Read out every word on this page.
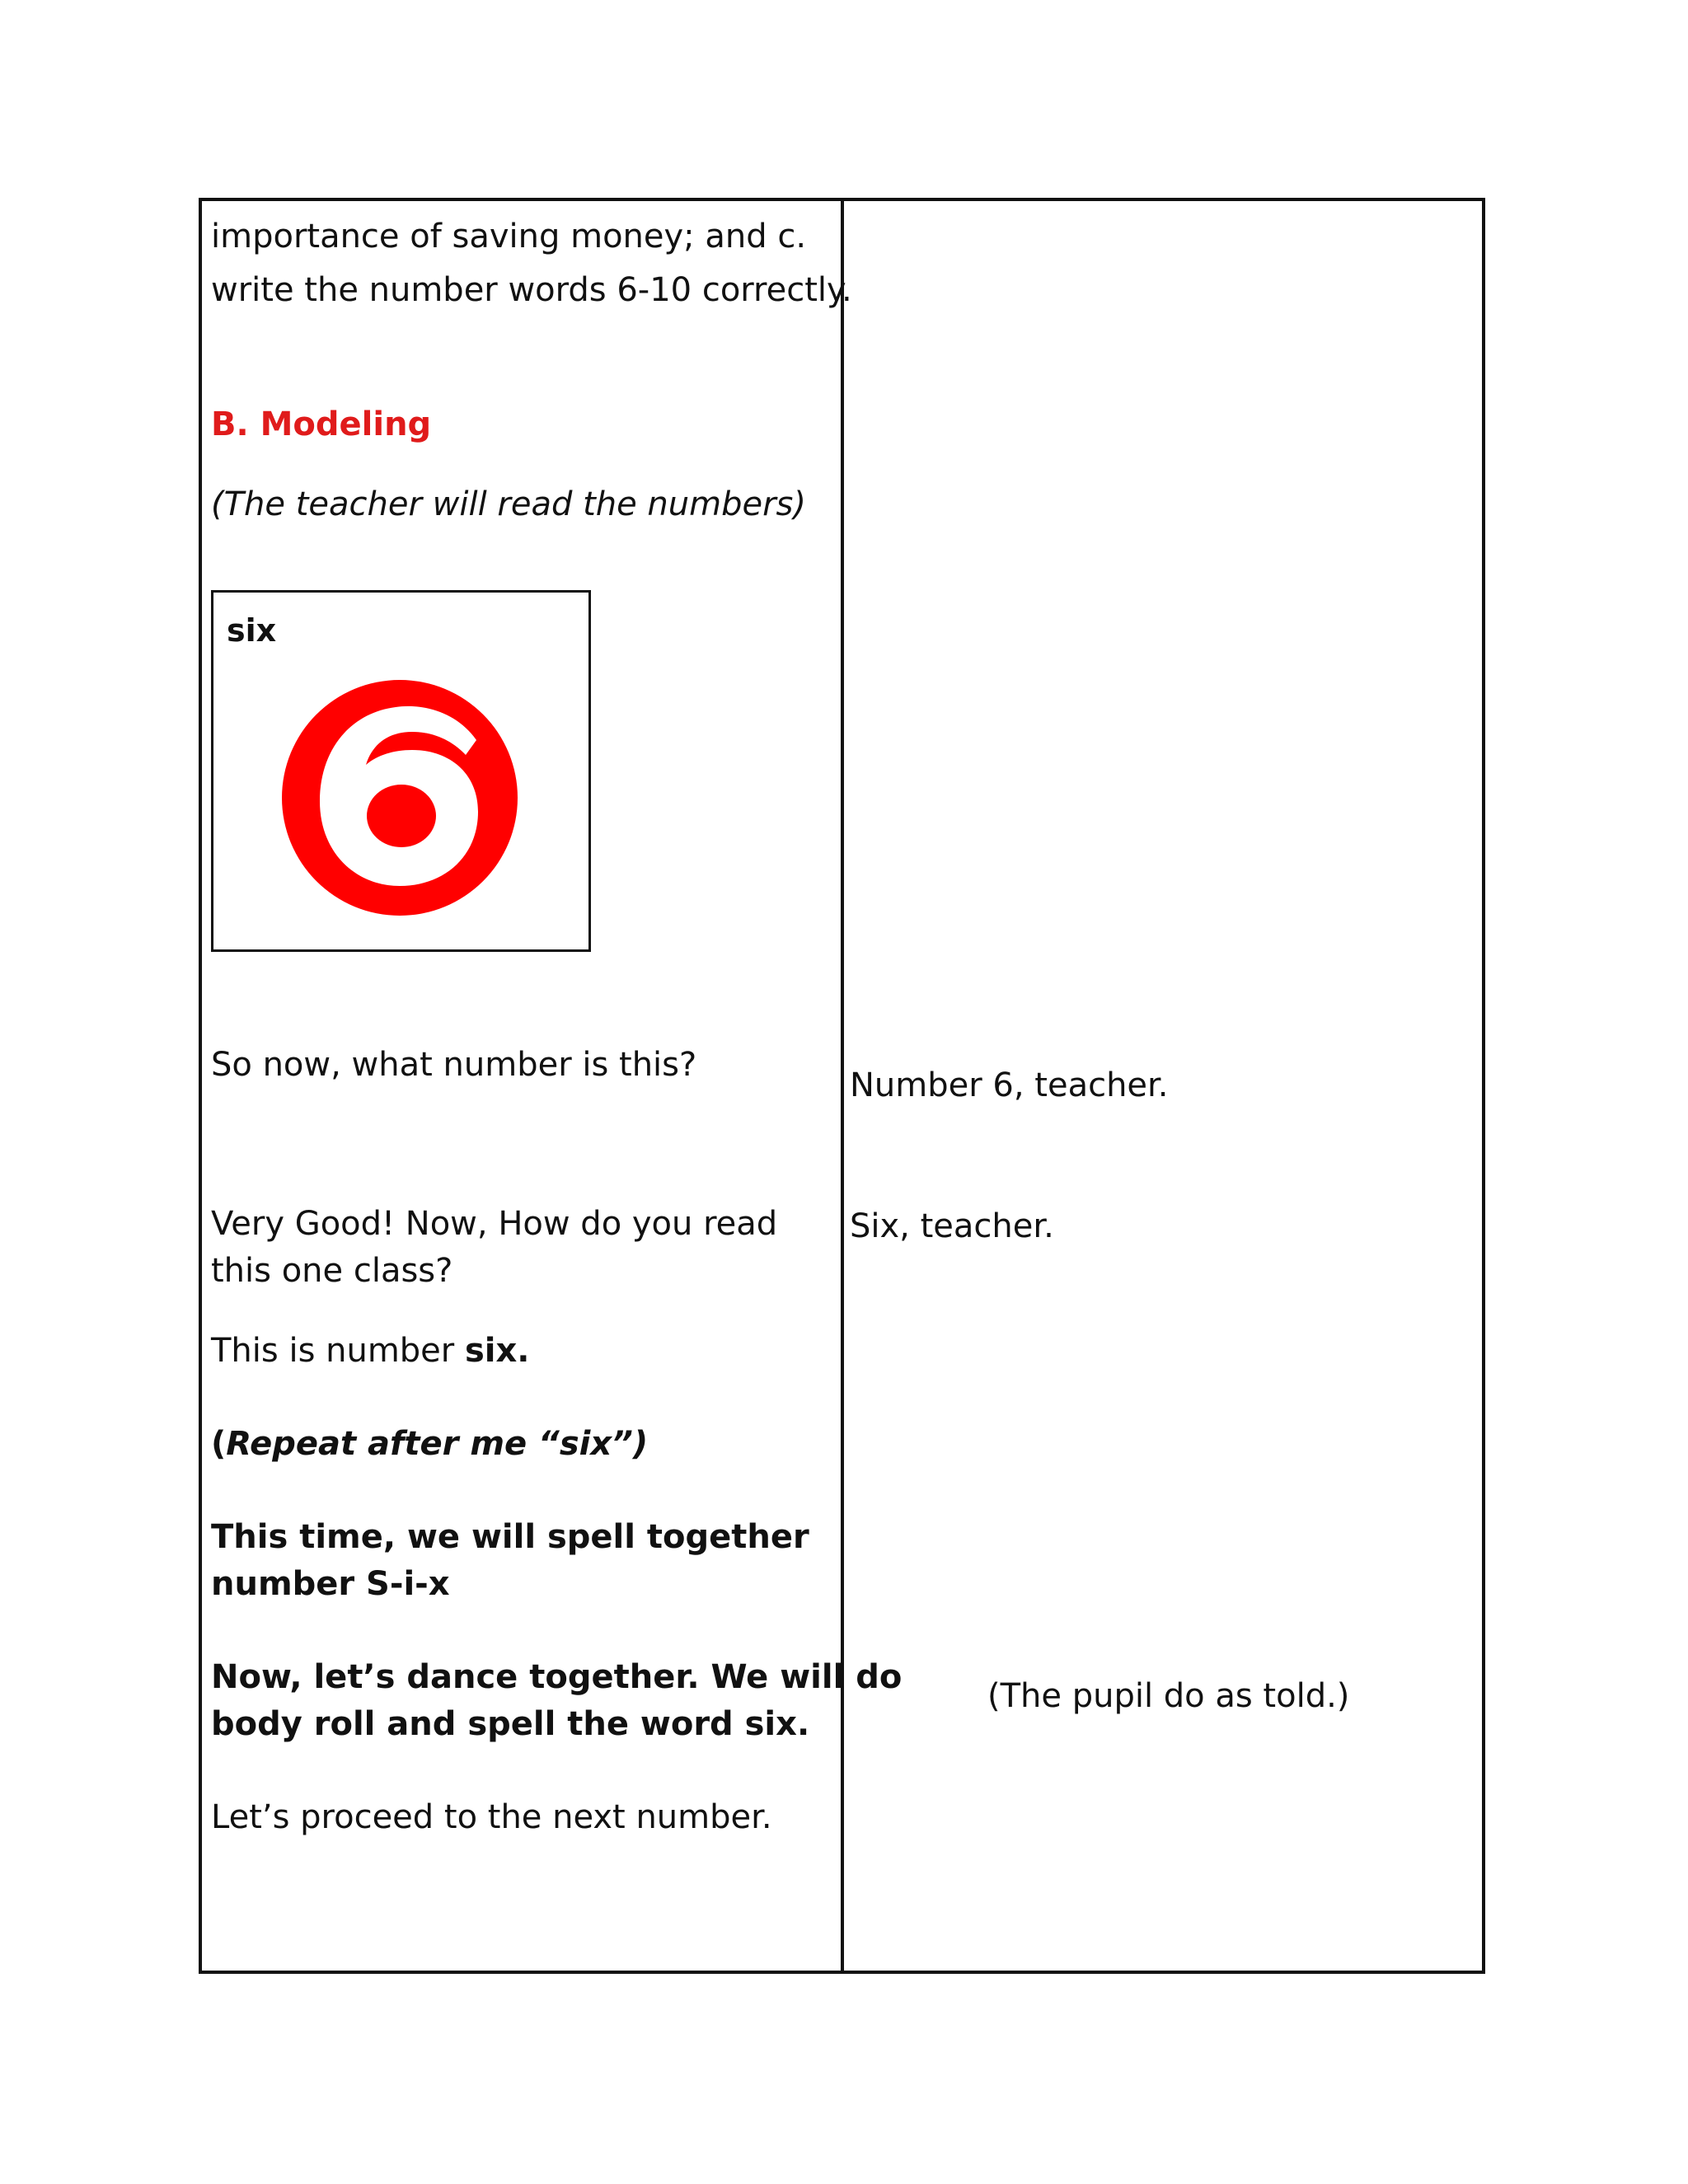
importance of saving money; and c.
write the number words 6-10 correctly.
B. Modeling
(The teacher will read the numbers)
six
So now, what number is this?
Very Good! Now, How do you read
this one class?
This is number six.
(Repeat after me “six”)
This time, we will spell together
number S-i-x
Now, let’s dance together. We will do
body roll and spell the word six.
Let’s proceed to the next number.
Number 6, teacher.
Six, teacher.
(The pupil do as told.)
